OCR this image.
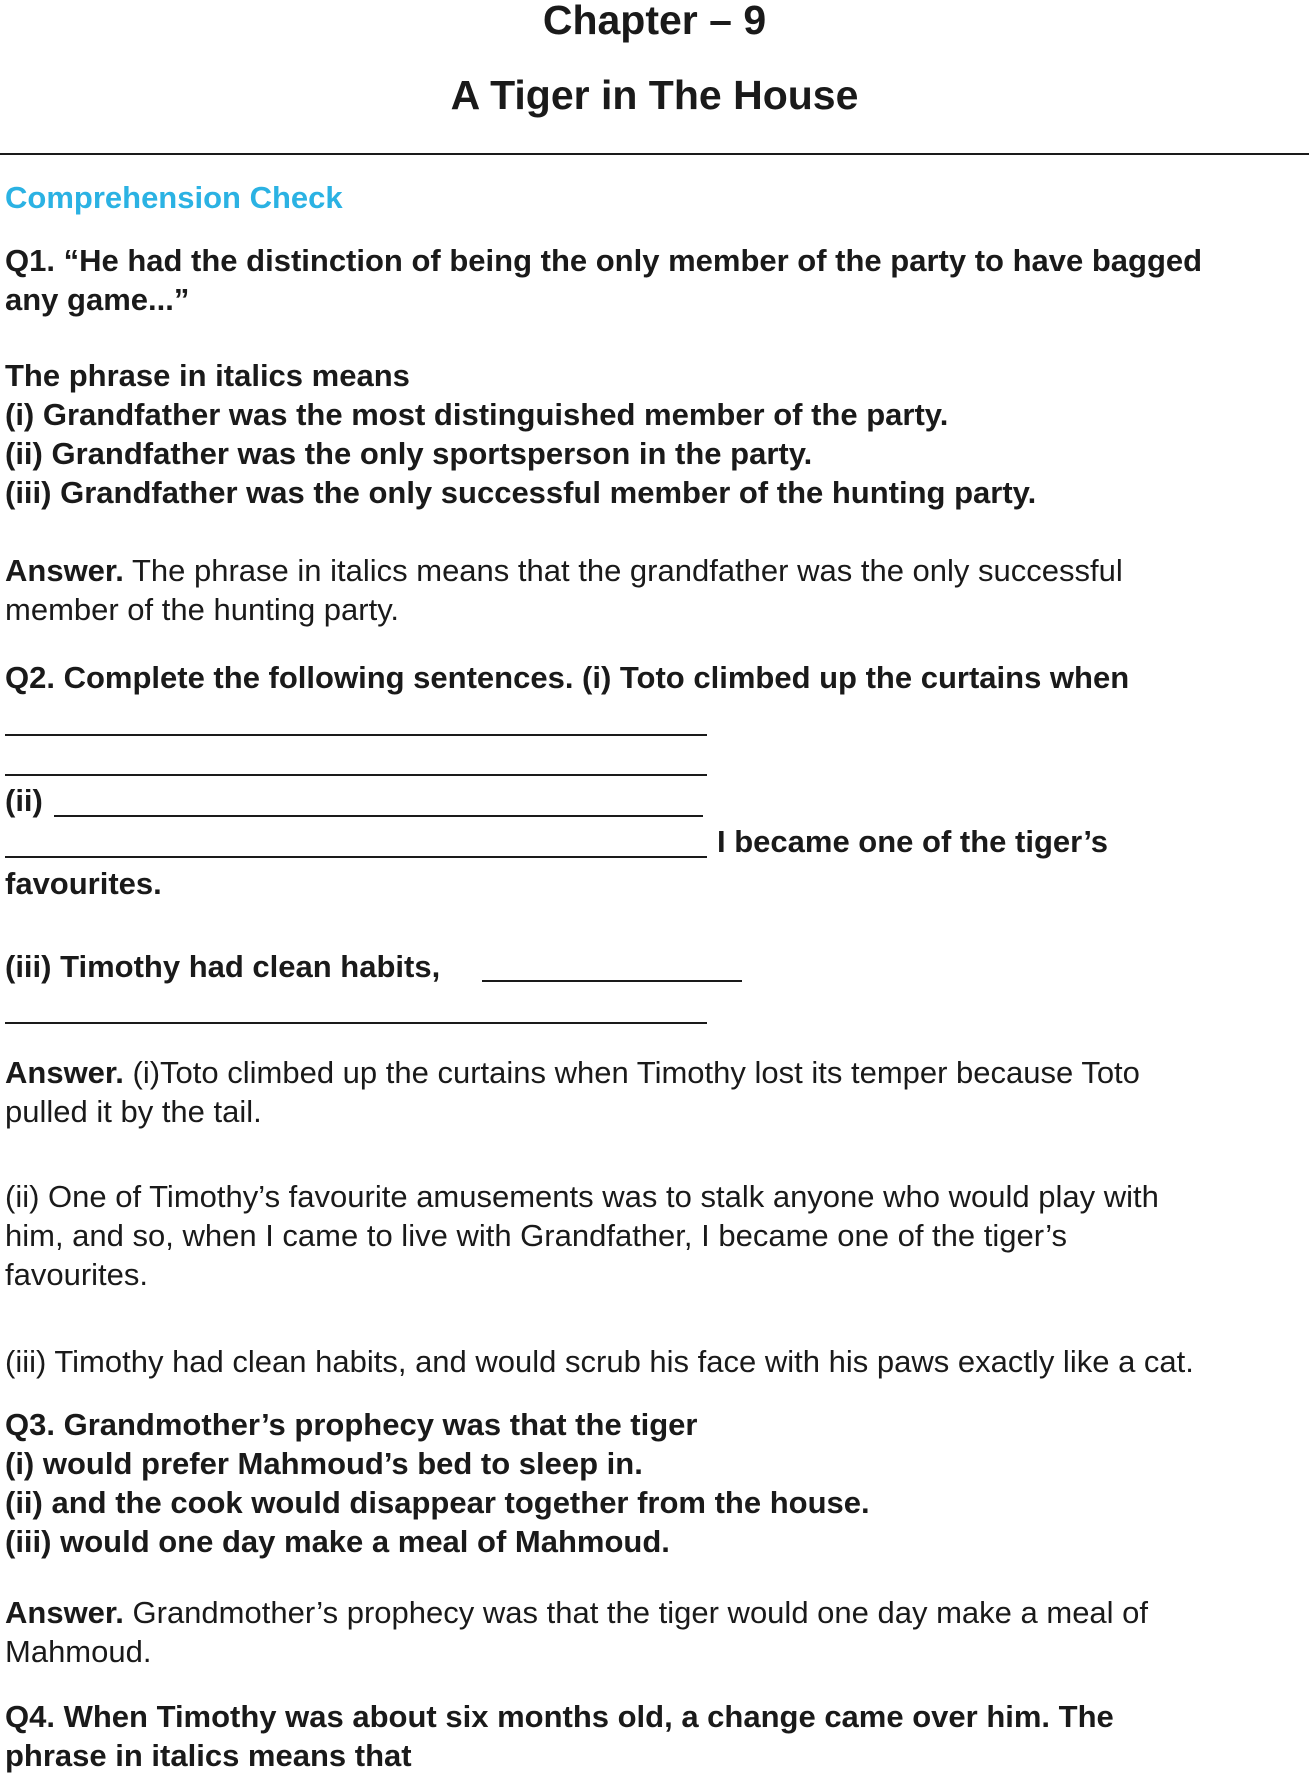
Chapter – 9
A Tiger in The House
Comprehension Check

Q1. “He had the distinction of being the only member of the party to have bagged
any game...”

The phrase in italics means
(i) Grandfather was the most distinguished member of the party.
(ii) Grandfather was the only sportsperson in the party.
(iii) Grandfather was the only successful member of the hunting party.

Answer. The phrase in italics means that the grandfather was the only successful
member of the hunting party.

Q2. Complete the following sentences. (i) Toto climbed up the curtains when

(ii)

I became one of the tiger’s

favourites.

(iii) Timothy had clean habits,

Answer. (i)Toto climbed up the curtains when Timothy lost its temper because Toto
pulled it by the tail.

(ii) One of Timothy’s favourite amusements was to stalk anyone who would play with
him, and so, when I came to live with Grandfather, I became one of the tiger’s
favourites.

(iii) Timothy had clean habits, and would scrub his face with his paws exactly like a cat.

Q3. Grandmother’s prophecy was that the tiger
(i) would prefer Mahmoud’s bed to sleep in.
(ii) and the cook would disappear together from the house.
(iii) would one day make a meal of Mahmoud.

Answer. Grandmother’s prophecy was that the tiger would one day make a meal of
Mahmoud.

Q4. When Timothy was about six months old, a change came over him. The
phrase in italics means that
